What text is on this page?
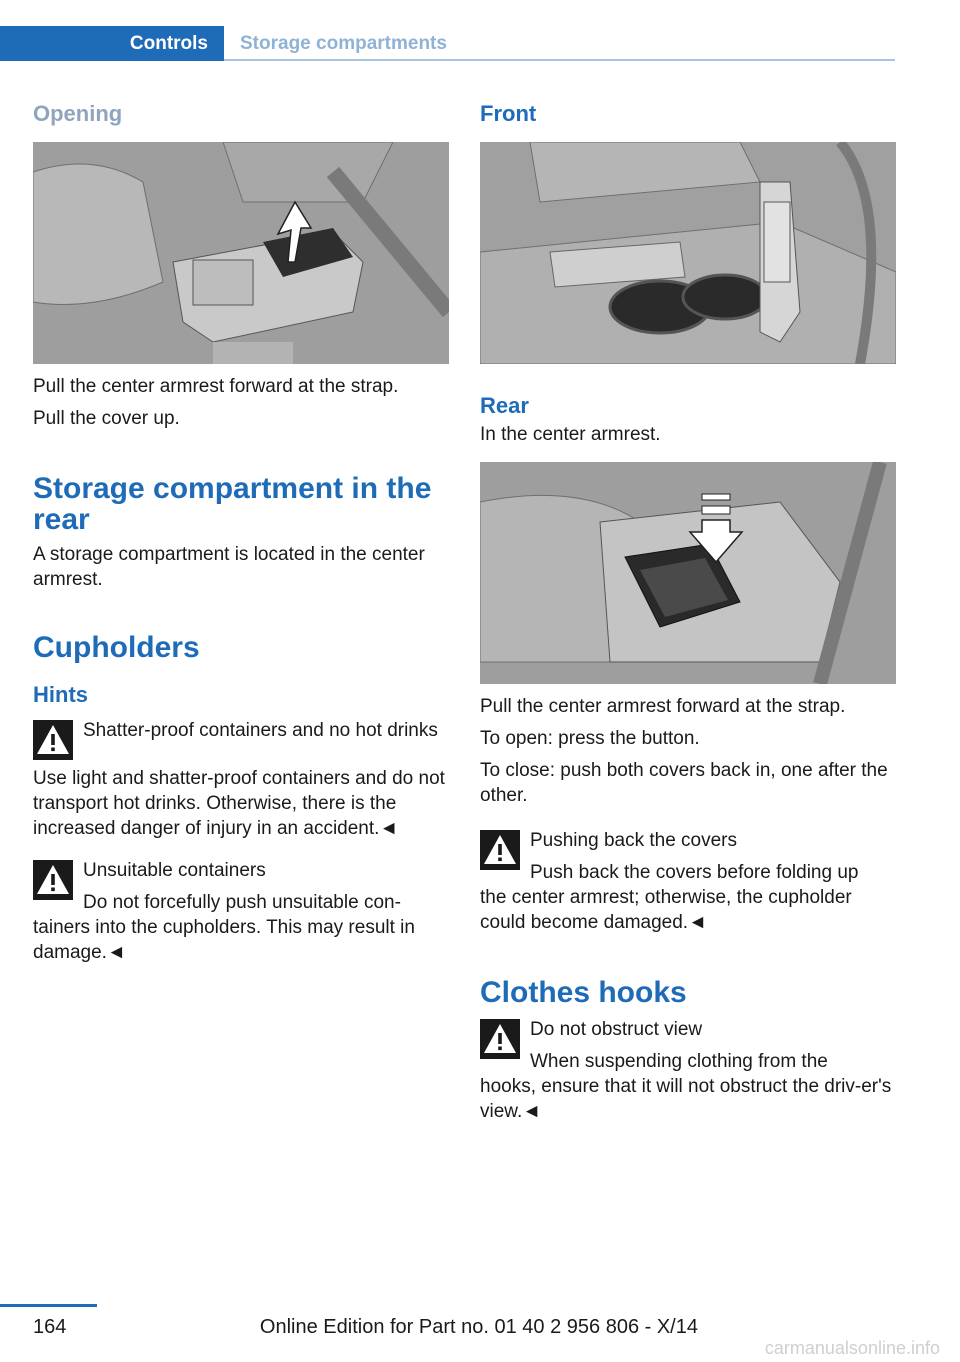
Controls	Storage compartments
Opening

Pull the center armrest forward at the strap.

Pull the cover up.

Storage compartment in the rear

A storage compartment is located in the center armrest.

Cupholders
Hints
Shatter-proof containers and no hot drinks

Use light and shatter-proof containers and do not transport hot drinks. Otherwise, there is the increased danger of injury in an accident.◄

Unsuitable containers
Do not forcefully push unsuitable con‐

tainers into the cupholders. This may result in damage.◄

Front
Rear

In the center armrest.

Pull the center armrest forward at the strap.

To open: press the button.

To close: push both covers back in, one after the other.

Pushing back the covers
Push back the covers before folding up

the center armrest; otherwise, the cupholder could become damaged.◄

Clothes hooks
Do not obstruct view
When suspending clothing from the

hooks, ensure that it will not obstruct the driv‐er's view.◄

164	Online Edition for Part no. 01 40 2 956 806 - X/14
carmanualsonline.info
